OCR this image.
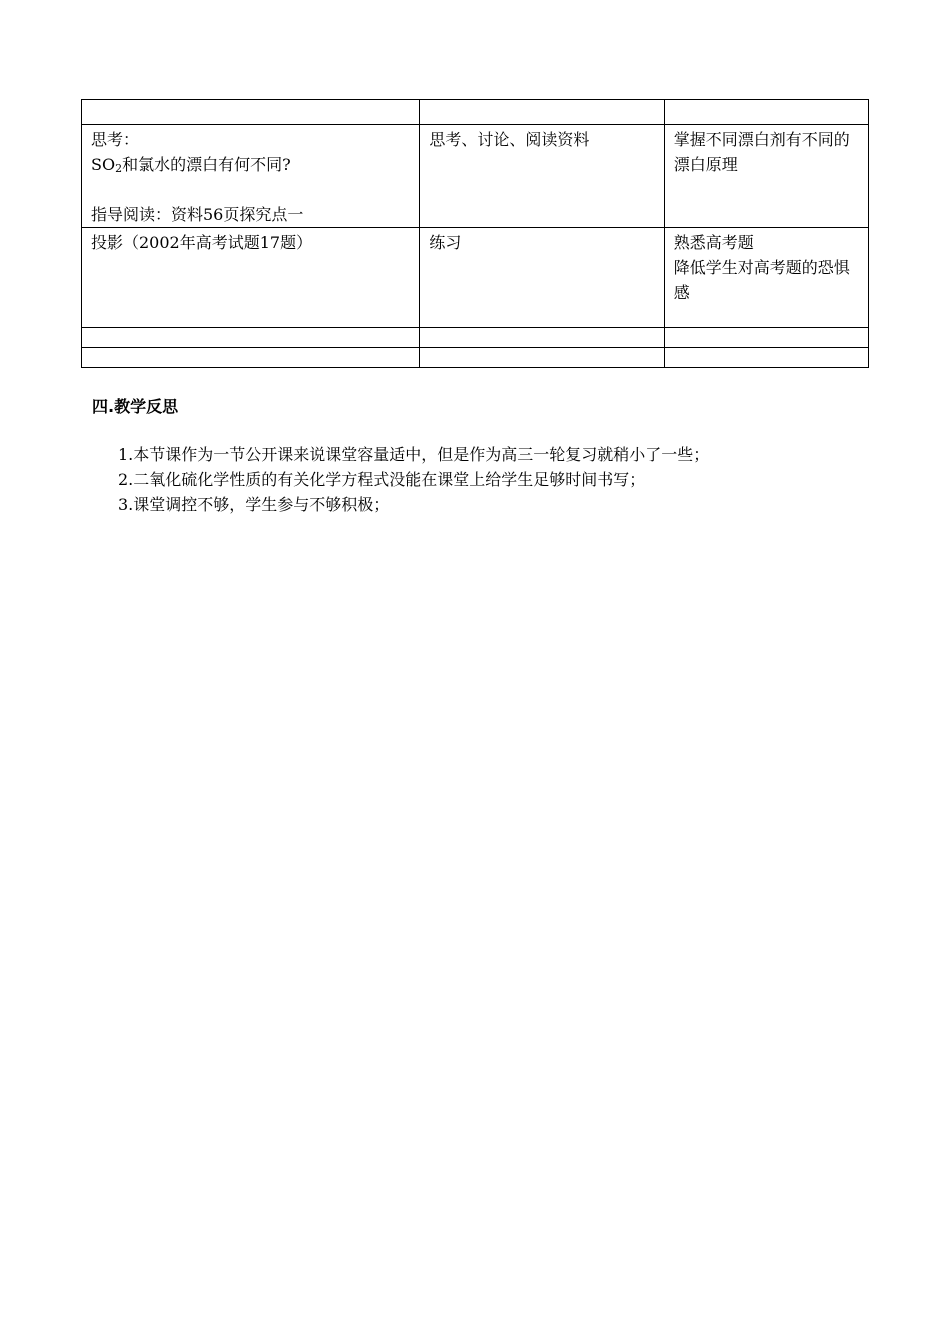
思考：
$SO_2$和氯水的漂白有何不同?
指导阅读：资料56页探究点一	思考、讨论、阅读资料	掌握不同漂白剂有不同的漂白原理

投影（2002年高考试题17题）	练习	熟悉高考题
降低学生对高考题的恐惧感

四.教学反思
1.本节课作为一节公开课来说课堂容量适中，但是作为高三一轮复习就稍小了一些；
2.二氧化硫化学性质的有关化学方程式没能在课堂上给学生足够时间书写；
3.课堂调控不够，学生参与不够积极；
